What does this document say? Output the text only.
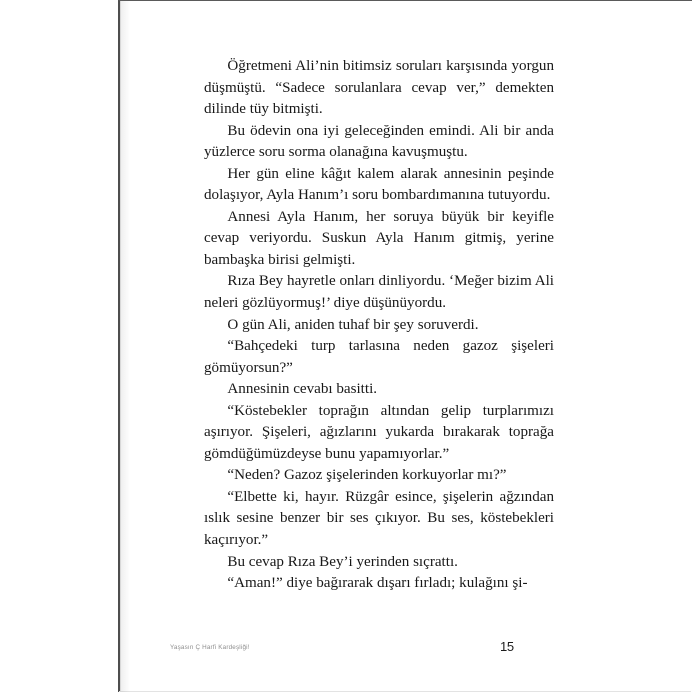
Öğretmeni Ali’nin bitimsiz soruları karşısında yorgun düşmüştü. “Sadece sorulanlara cevap ver,” demekten dilinde tüy bitmişti.

Bu ödevin ona iyi geleceğinden emindi. Ali bir anda yüzlerce soru sorma olanağına kavuşmuştu.

Her gün eline kâğıt kalem alarak annesinin peşinde dolaşıyor, Ayla Hanım’ı soru bombardımanına tutuyordu.

Annesi Ayla Hanım, her soruya büyük bir keyifle cevap veriyordu. Suskun Ayla Hanım gitmiş, yerine bambaşka birisi gelmişti.

Rıza Bey hayretle onları dinliyordu. ‘Meğer bizim Ali neleri gözlüyormuş!’ diye düşünüyordu.

O gün Ali, aniden tuhaf bir şey soruverdi.

“Bahçedeki turp tarlasına neden gazoz şişeleri gömüyorsun?”

Annesinin cevabı basitti.

“Köstebekler toprağın altından gelip turplarımızı aşırıyor. Şişeleri, ağızlarını yukarda bırakarak toprağa gömdüğümüzdeyse bunu yapamıyorlar.”

“Neden? Gazoz şişelerinden korkuyorlar mı?”

“Elbette ki, hayır. Rüzgâr esince, şişelerin ağzından ıslık sesine benzer bir ses çıkıyor. Bu ses, köstebekleri kaçırıyor.”

Bu cevap Rıza Bey’i yerinden sıçrattı.

“Aman!” diye bağırarak dışarı fırladı; kulağını şi-

Yaşasın Ç Harfi Kardeşliği!	15
